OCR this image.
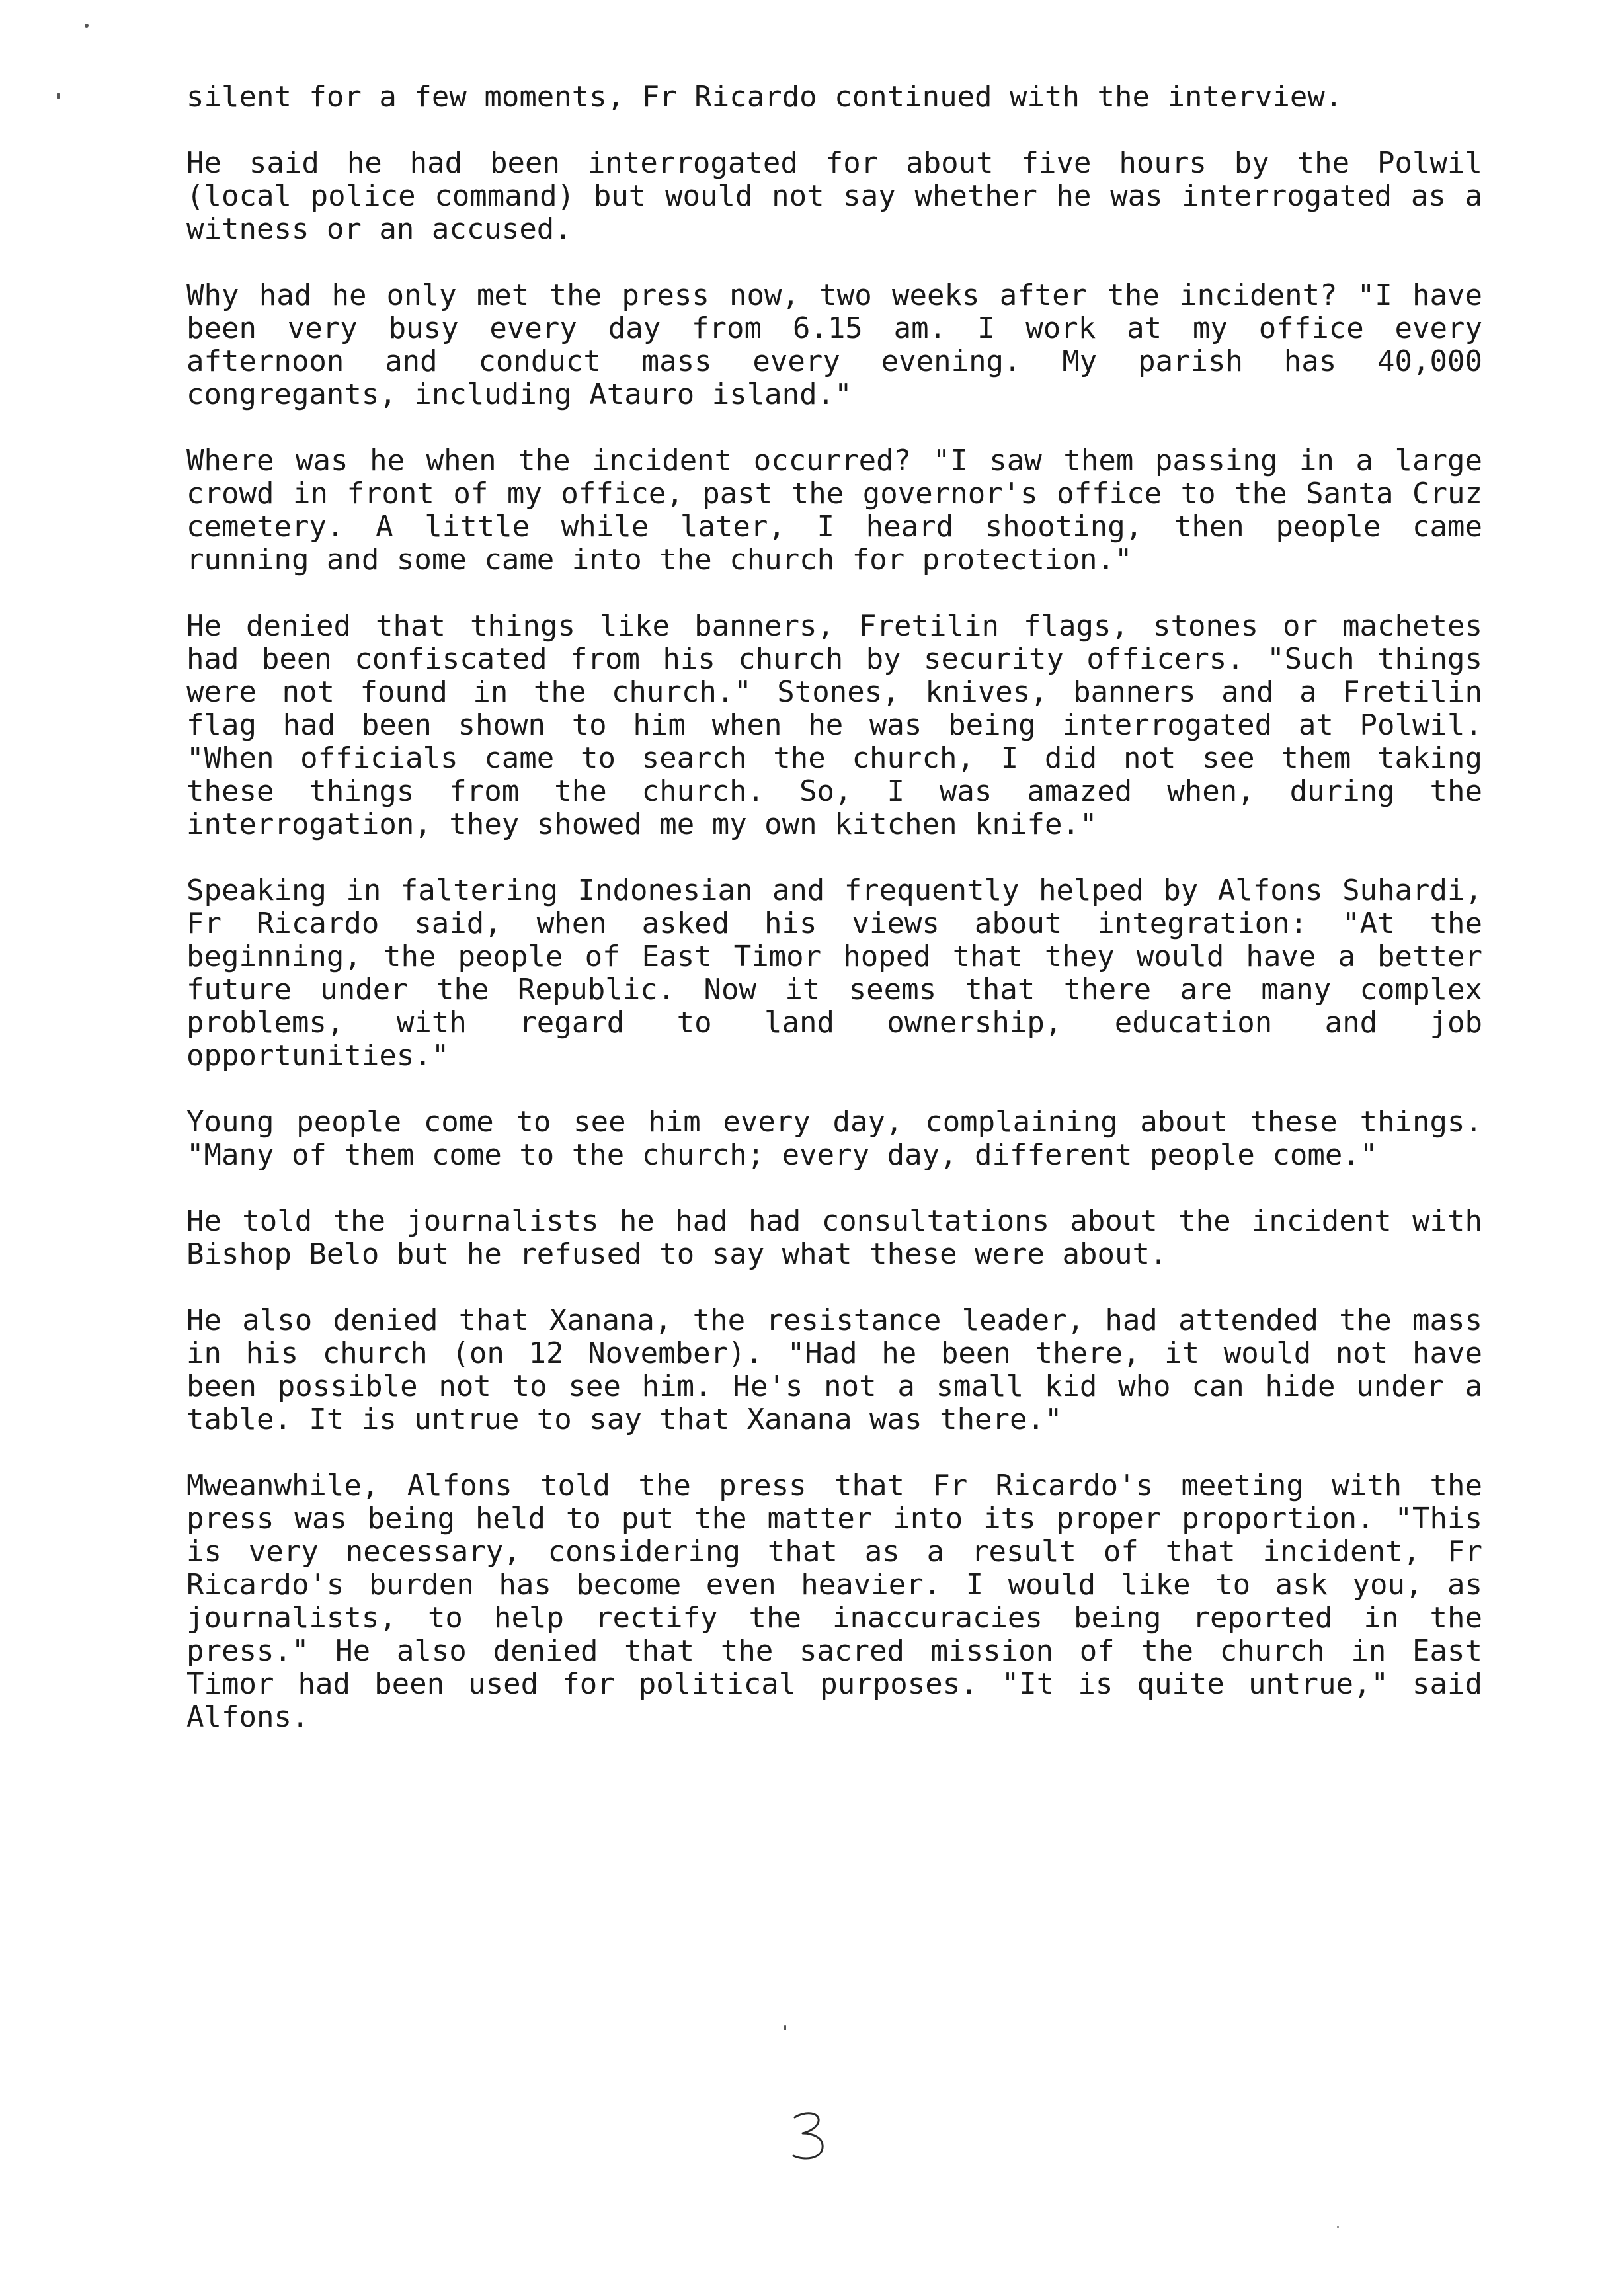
silent for a few moments, Fr Ricardo continued with the interview.

He said he had been interrogated for about five hours by the Polwil (local police command) but would not say whether he was interrogated as a witness or an accused.

Why had he only met the press now, two weeks after the incident? "I have been very busy every day from 6.15 am. I work at my office every afternoon and conduct mass every evening. My parish has 40,000 congregants, including Atauro island."

Where was he when the incident occurred? "I saw them passing in a large crowd in front of my office, past the governor's office to the Santa Cruz cemetery. A little while later, I heard shooting, then people came running and some came into the church for protection."

He denied that things like banners, Fretilin flags, stones or machetes had been confiscated from his church by security officers. "Such things were not found in the church." Stones, knives, banners and a Fretilin flag had been shown to him when he was being interrogated at Polwil. "When officials came to search the church, I did not see them taking these things from the church. So, I was amazed when, during the interrogation, they showed me my own kitchen knife."

Speaking in faltering Indonesian and frequently helped by Alfons Suhardi, Fr Ricardo said, when asked his views about integration: "At the beginning, the people of East Timor hoped that they would have a better future under the Republic. Now it seems that there are many complex problems, with regard to land ownership, education and job opportunities."

Young people come to see him every day, complaining about these things. "Many of them come to the church; every day, different people come."

He told the journalists he had had consultations about the incident with Bishop Belo but he refused to say what these were about.

He also denied that Xanana, the resistance leader, had attended the mass in his church (on 12 November). "Had he been there, it would not have been possible not to see him. He's not a small kid who can hide under a table. It is untrue to say that Xanana was there."

Mweanwhile, Alfons told the press that Fr Ricardo's meeting with the press was being held to put the matter into its proper proportion. "This is very necessary, considering that as a result of that incident, Fr Ricardo's burden has become even heavier. I would like to ask you, as journalists, to help rectify the inaccuracies being reported in the press." He also denied that the sacred mission of the church in East Timor had been used for political purposes. "It is quite untrue," said Alfons.
